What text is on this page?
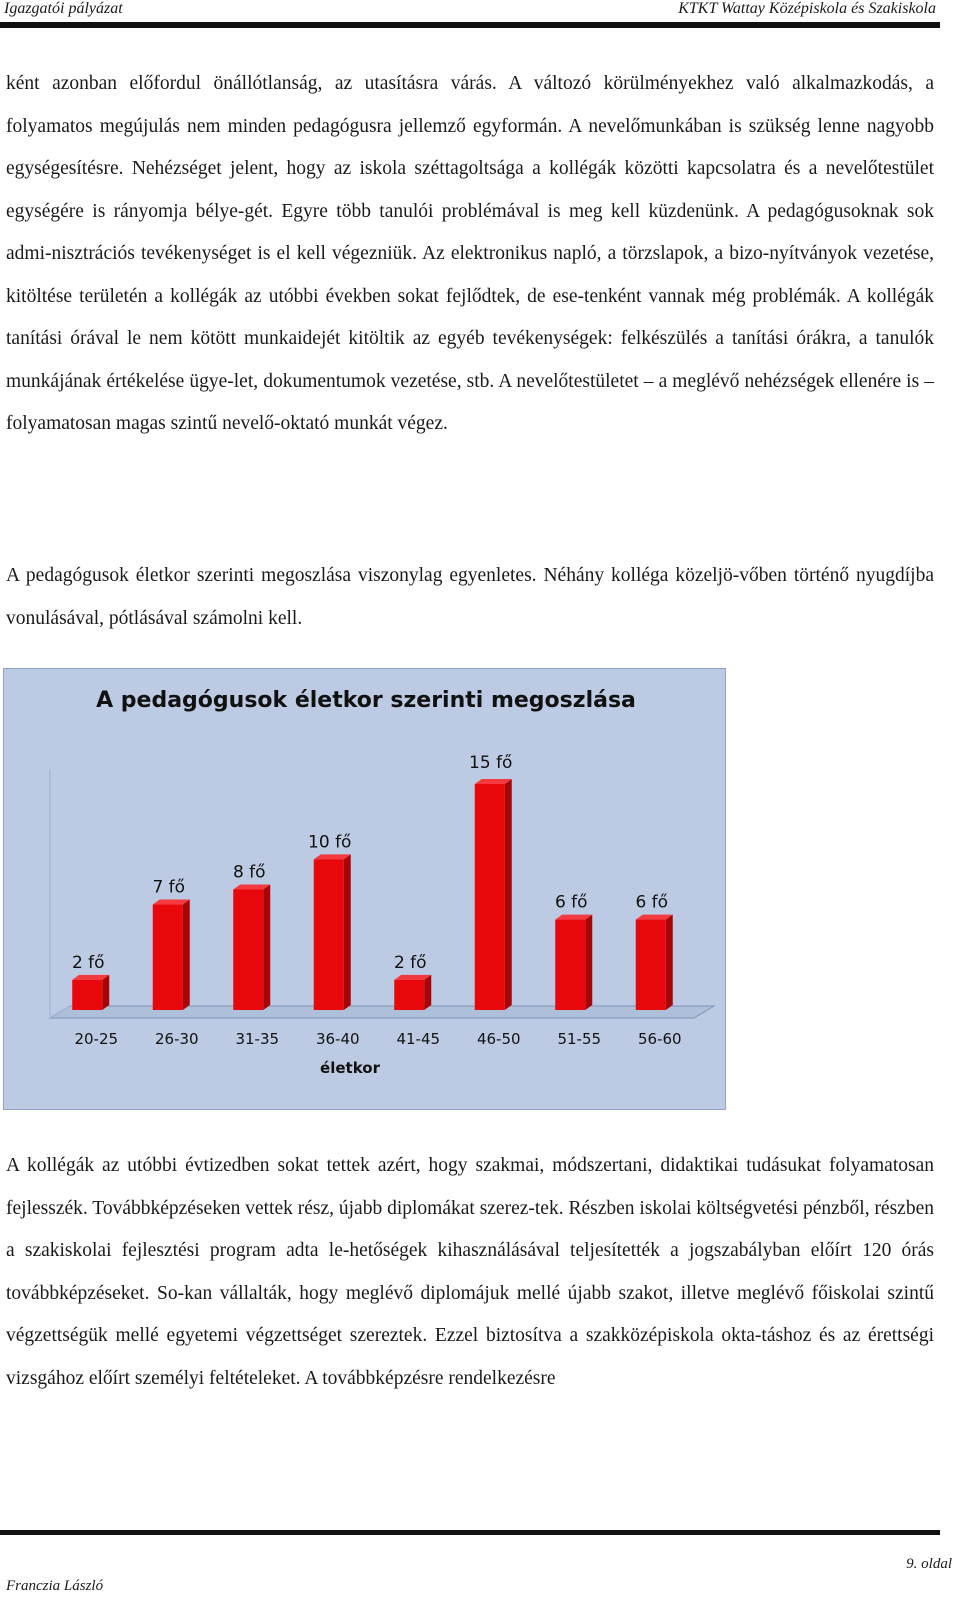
Igazgatói pályázat	KTKT Wattay Középiskola és Szakiskola

ként azonban előfordul önállótlanság, az utasításra várás. A változó körülményekhez való alkalmazkodás, a folyamatos megújulás nem minden pedagógusra jellemző egyformán. A nevelőmunkában is szükség lenne nagyobb egységesítésre. Nehézséget jelent, hogy az iskola széttagoltsága a kollégák közötti kapcsolatra és a nevelőtestület egységére is rányomja bélye-gét. Egyre több tanulói problémával is meg kell küzdenünk. A pedagógusoknak sok admi-nisztrációs tevékenységet is el kell végezniük. Az elektronikus napló, a törzslapok, a bizo-nyítványok vezetése, kitöltése területén a kollégák az utóbbi években sokat fejlődtek, de ese-tenként vannak még problémák. A kollégák tanítási órával le nem kötött munkaidejét kitöltik az egyéb tevékenységek: felkészülés a tanítási órákra, a tanulók munkájának értékelése ügye-let, dokumentumok vezetése, stb. A nevelőtestületet – a meglévő nehézségek ellenére is – folyamatosan magas szintű nevelő-oktató munkát végez.

A pedagógusok életkor szerinti megoszlása viszonylag egyenletes. Néhány kolléga közeljö-vőben történő nyugdíjba vonulásával, pótlásával számolni kell.

2 fő
20-25
7 fő
26-30
8 fő
31-35
10 fő
36-40
2 fő
41-45
15 fő
46-50
6 fő
51-55
6 fő
56-60
A pedagógusok életkor szerinti megoszlása
életkor

A kollégák az utóbbi évtizedben sokat tettek azért, hogy szakmai, módszertani, didaktikai tudásukat folyamatosan fejlesszék. Továbbképzéseken vettek rész, újabb diplomákat szerez-tek. Részben iskolai költségvetési pénzből, részben a szakiskolai fejlesztési program adta le-hetőségek kihasználásával teljesítették a jogszabályban előírt 120 órás továbbképzéseket. So-kan vállalták, hogy meglévő diplomájuk mellé újabb szakot, illetve meglévő főiskolai szintű végzettségük mellé egyetemi végzettséget szereztek. Ezzel biztosítva a szakközépiskola okta-táshoz és az érettségi vizsgához előírt személyi feltételeket. A továbbképzésre rendelkezésre

9. oldal
Franczia László
